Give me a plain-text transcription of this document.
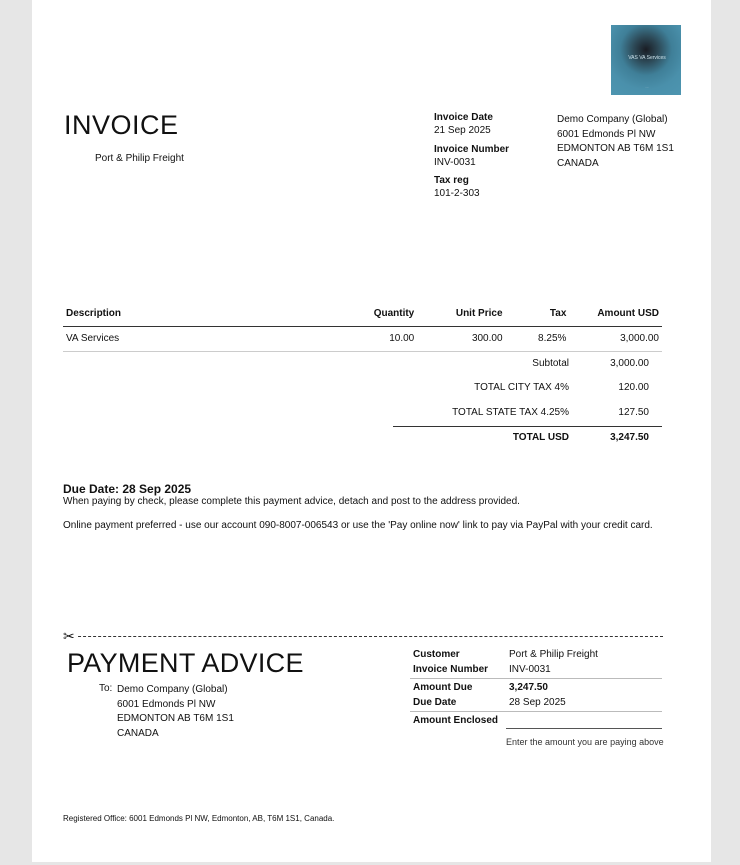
VAS VA Services
.....
INVOICE
Port & Philip Freight
Invoice Date
21 Sep 2025
Invoice Number
INV-0031
Tax reg
101-2-303
Demo Company (Global)
6001 Edmonds Pl NW
EDMONTON AB T6M 1S1
CANADA
Description	Quantity	Unit Price	Tax	Amount USD
VA Services	10.00	300.00	8.25%	3,000.00
Subtotal	3,000.00
TOTAL CITY TAX 4%	120.00
TOTAL STATE TAX 4.25%	127.50
TOTAL USD	3,247.50
Due Date: 28 Sep 2025
When paying by check, please complete this payment advice, detach and post to the address provided.
Online payment preferred - use our account 090-8007-006543 or use the 'Pay online now' link to pay via PayPal with your credit card.
✂
PAYMENT ADVICE
To: Demo Company (Global)
6001 Edmonds Pl NW
EDMONTON AB T6M 1S1
CANADA
Customer	Port & Philip Freight
Invoice Number	INV-0031
Amount Due	3,247.50
Due Date	28 Sep 2025
Amount Enclosed
Enter the amount you are paying above
Registered Office: 6001 Edmonds Pl NW, Edmonton, AB, T6M 1S1, Canada.
